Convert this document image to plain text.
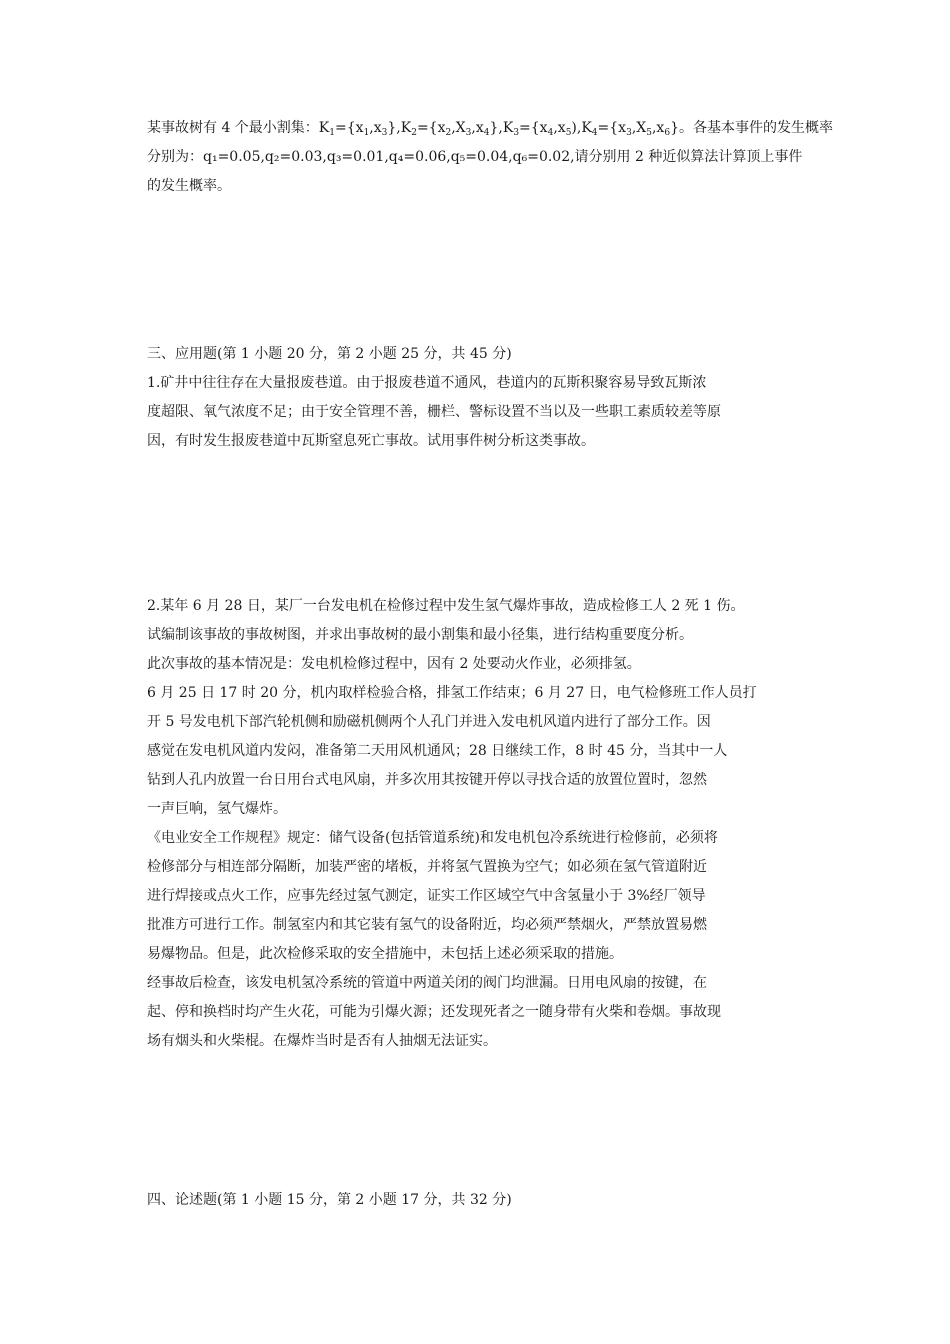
某事故树有 4 个最小割集：$K_1=\{x_1,x_3\},K_2=\{x_2,X_3,x_4\},K_3=\{x_4,x_5),K_4=\{x_3,X_5,x_6\}$。各基本事件的发生概率
分别为：q₁=0.05,q₂=0.03,q₃=0.01,q₄=0.06,q₅=0.04,q₆=0.02,请分别用 2 种近似算法计算顶上事件
的发生概率。
三、应用题(第 1 小题 20 分，第 2 小题 25 分，共 45 分)
1.矿井中往往存在大量报废巷道。由于报废巷道不通风，巷道内的瓦斯积聚容易导致瓦斯浓
度超限、氧气浓度不足；由于安全管理不善，栅栏、警标设置不当以及一些职工素质较差等原
因，有时发生报废巷道中瓦斯窒息死亡事故。试用事件树分析这类事故。
2.某年 6 月 28 日，某厂一台发电机在检修过程中发生氢气爆炸事故，造成检修工人 2 死 1 伤。
试编制该事故的事故树图，并求出事故树的最小割集和最小径集，进行结构重要度分析。
此次事故的基本情况是：发电机检修过程中，因有 2 处要动火作业，必须排氢。
6 月 25 日 17 时 20 分，机内取样检验合格，排氢工作结束；6 月 27 日，电气检修班工作人员打
开 5 号发电机下部汽轮机侧和励磁机侧两个人孔门并进入发电机风道内进行了部分工作。因
感觉在发电机风道内发闷，准备第二天用风机通风；28 日继续工作，8 时 45 分，当其中一人
钻到人孔内放置一台日用台式电风扇，并多次用其按键开停以寻找合适的放置位置时，忽然
一声巨响，氢气爆炸。
《电业安全工作规程》规定：储气设备(包括管道系统)和发电机包冷系统进行检修前，必须将
检修部分与相连部分隔断，加装严密的堵板，并将氢气置换为空气；如必须在氢气管道附近
进行焊接或点火工作，应事先经过氢气测定，证实工作区域空气中含氢量小于 3%经厂领导
批准方可进行工作。制氢室内和其它装有氢气的设备附近，均必须严禁烟火，严禁放置易燃
易爆物品。但是，此次检修采取的安全措施中，未包括上述必须采取的措施。
经事故后检查，该发电机氢冷系统的管道中两道关闭的阀门均泄漏。日用电风扇的按键，在
起、停和换档时均产生火花，可能为引爆火源；还发现死者之一随身带有火柴和卷烟。事故现
场有烟头和火柴棍。在爆炸当时是否有人抽烟无法证实。
四、论述题(第 1 小题 15 分，第 2 小题 17 分，共 32 分)
